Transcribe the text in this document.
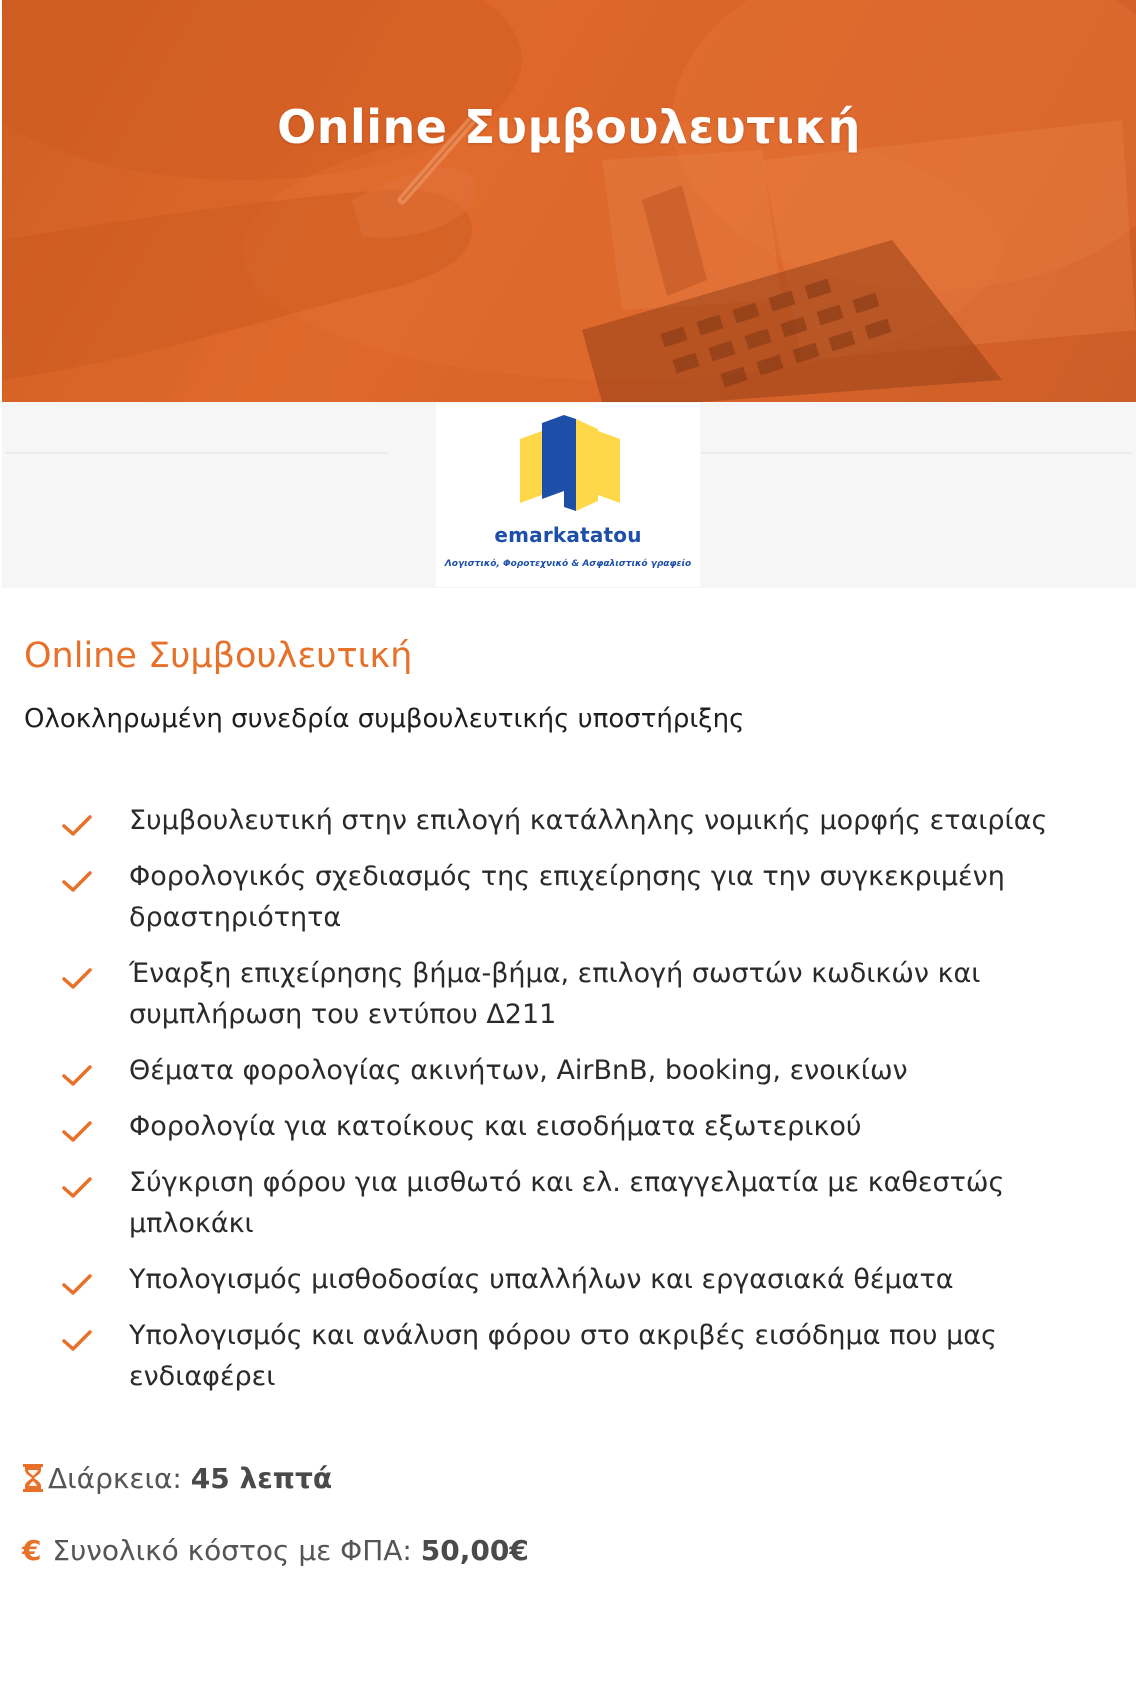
Online Συμβουλευτική
emarkatatou
Λογιστικό, Φοροτεχνικό & Ασφαλιστικό γραφείο
Online Συμβουλευτική
Ολοκληρωμένη συνεδρία συμβουλευτικής υποστήριξης
Συμβουλευτική στην επιλογή κατάλληλης νομικής μορφής εταιρίας
Φορολογικός σχεδιασμός της επιχείρησης για την συγκεκριμένη δραστηριότητα
Έναρξη επιχείρησης βήμα-βήμα, επιλογή σωστών κωδικών και συμπλήρωση του εντύπου Δ211
Θέματα φορολογίας ακινήτων, AirBnB, booking, ενοικίων
Φορολογία για κατοίκους και εισοδήματα εξωτερικού
Σύγκριση φόρου για μισθωτό και ελ. επαγγελματία με καθεστώς μπλοκάκι
Υπολογισμός μισθοδοσίας υπαλλήλων και εργασιακά θέματα
Υπολογισμός και ανάλυση φόρου στο ακριβές εισόδημα που μας ενδιαφέρει
Διάρκεια: 45 λεπτά
€ Συνολικό κόστος με ΦΠΑ: 50,00€
